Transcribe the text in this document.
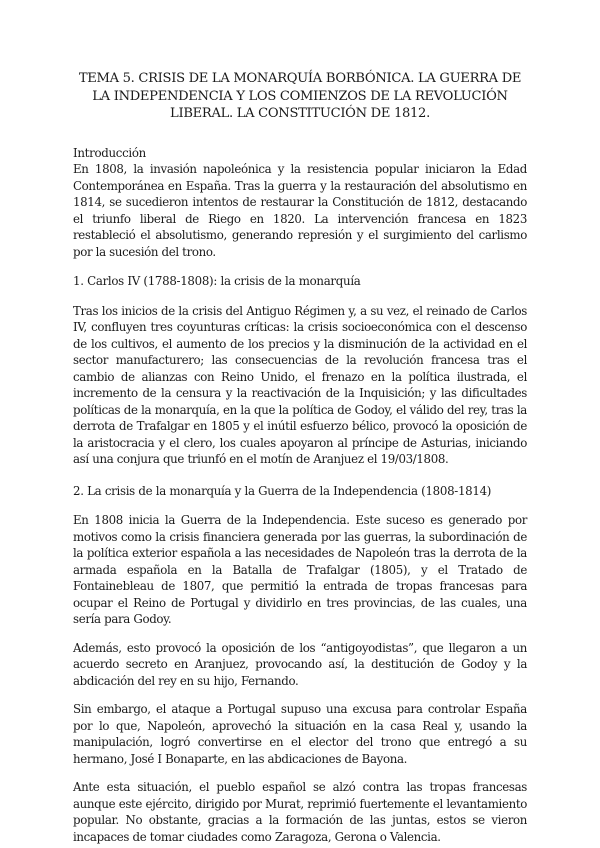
TEMA 5. CRISIS DE LA MONARQUÍA BORBÓNICA. LA GUERRA DE LA INDEPENDENCIA Y LOS COMIENZOS DE LA REVOLUCIÓN LIBERAL. LA CONSTITUCIÓN DE 1812.
Introducción

En 1808, la invasión napoleónica y la resistencia popular iniciaron la Edad Contemporánea en España. Tras la guerra y la restauración del absolutismo en 1814, se sucedieron intentos de restaurar la Constitución de 1812, destacando el triunfo liberal de Riego en 1820. La intervención francesa en 1823 restableció el absolutismo, generando represión y el surgimiento del carlismo por la sucesión del trono.

1. Carlos IV (1788-1808): la crisis de la monarquía

Tras los inicios de la crisis del Antiguo Régimen y, a su vez, el reinado de Carlos IV, confluyen tres coyunturas críticas: la crisis socioeconómica con el descenso de los cultivos, el aumento de los precios y la disminución de la actividad en el sector manufacturero; las consecuencias de la revolución francesa tras el cambio de alianzas con Reino Unido, el frenazo en la política ilustrada, el incremento de la censura y la reactivación de la Inquisición; y las dificultades políticas de la monarquía, en la que la política de Godoy, el válido del rey, tras la derrota de Trafalgar en 1805 y el inútil esfuerzo bélico, provocó la oposición de la aristocracia y el clero, los cuales apoyaron al príncipe de Asturias, iniciando así una conjura que triunfó en el motín de Aranjuez el 19/03/1808.

2. La crisis de la monarquía y la Guerra de la Independencia (1808-1814)

En 1808 inicia la Guerra de la Independencia. Este suceso es generado por motivos como la crisis financiera generada por las guerras, la subordinación de la política exterior española a las necesidades de Napoleón tras la derrota de la armada española en la Batalla de Trafalgar (1805), y el Tratado de Fontainebleau de 1807, que permitió la entrada de tropas francesas para ocupar el Reino de Portugal y dividirlo en tres provincias, de las cuales, una sería para Godoy.

Además, esto provocó la oposición de los “antigoyodistas”, que llegaron a un acuerdo secreto en Aranjuez, provocando así, la destitución de Godoy y la abdicación del rey en su hijo, Fernando.

Sin embargo, el ataque a Portugal supuso una excusa para controlar España por lo que, Napoleón, aprovechó la situación en la casa Real y, usando la manipulación, logró convertirse en el elector del trono que entregó a su hermano, José I Bonaparte, en las abdicaciones de Bayona.

Ante esta situación, el pueblo español se alzó contra las tropas francesas aunque este ejército, dirigido por Murat, reprimió fuertemente el levantamiento popular. No obstante, gracias a la formación de las juntas, estos se vieron incapaces de tomar ciudades como Zaragoza, Gerona o Valencia.
